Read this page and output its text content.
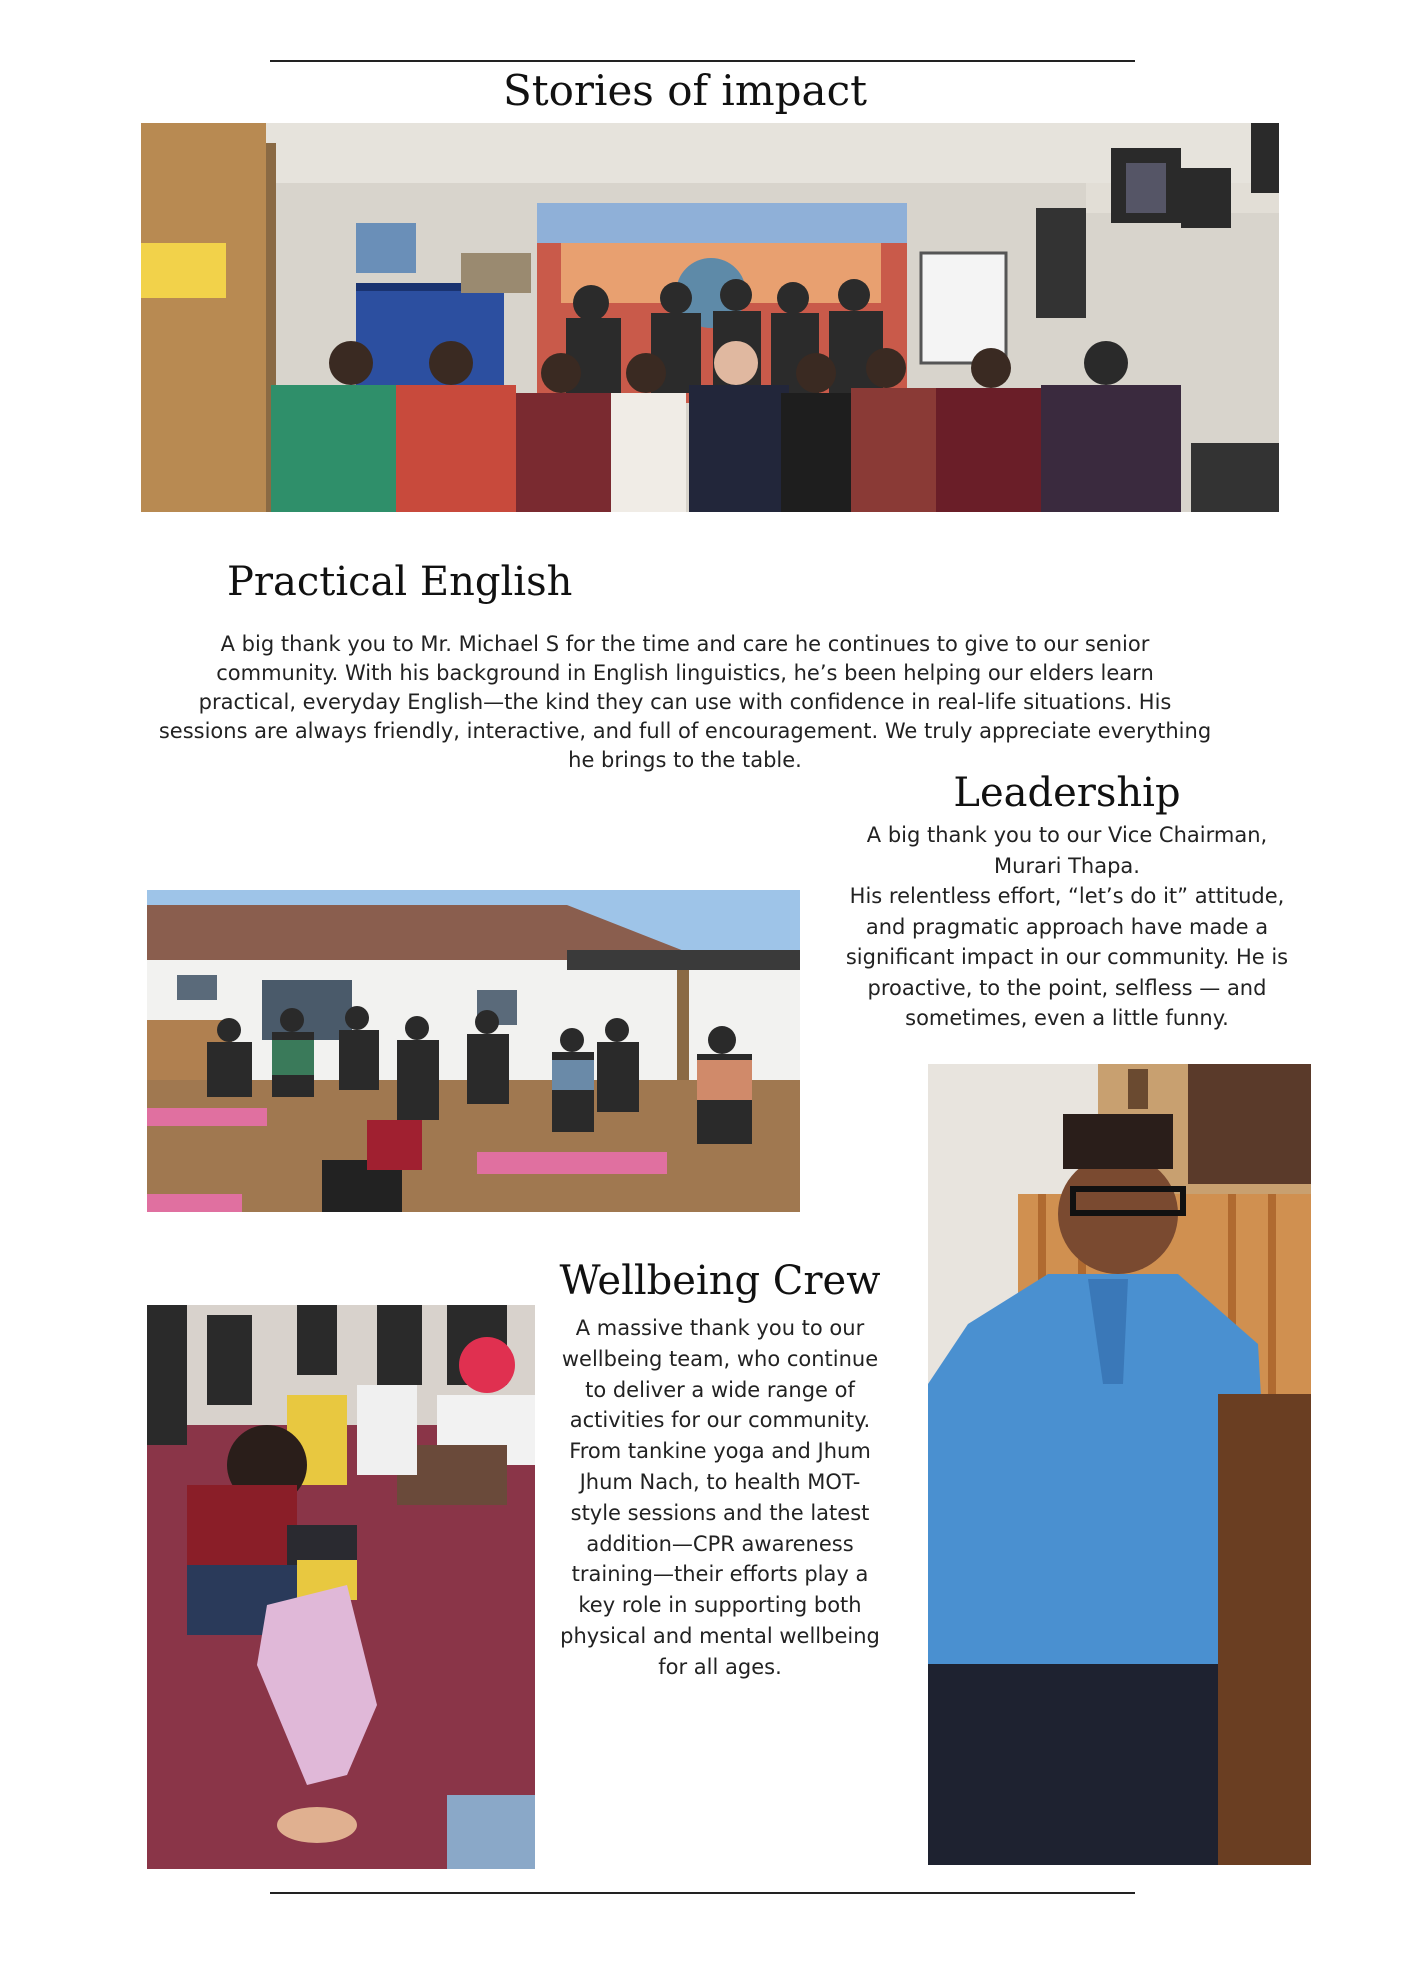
Stories of impact
Practical English
A big thank you to Mr. Michael S for the time and care he continues to give to our senior
community. With his background in English linguistics, he’s been helping our elders learn
practical, everyday English—the kind they can use with confidence in real-life situations. His
sessions are always friendly, interactive, and full of encouragement. We truly appreciate everything
he brings to the table.
Leadership
A big thank you to our Vice Chairman,
Murari Thapa.
His relentless effort, “let’s do it” attitude,
and pragmatic approach have made a
significant impact in our community. He is
proactive, to the point, selfless — and
sometimes, even a little funny.
Wellbeing Crew
A massive thank you to our
wellbeing team, who continue
to deliver a wide range of
activities for our community.
From tankine yoga and Jhum
Jhum Nach, to health MOT-
style sessions and the latest
addition—CPR awareness
training—their efforts play a
key role in supporting both
physical and mental wellbeing
for all ages.
